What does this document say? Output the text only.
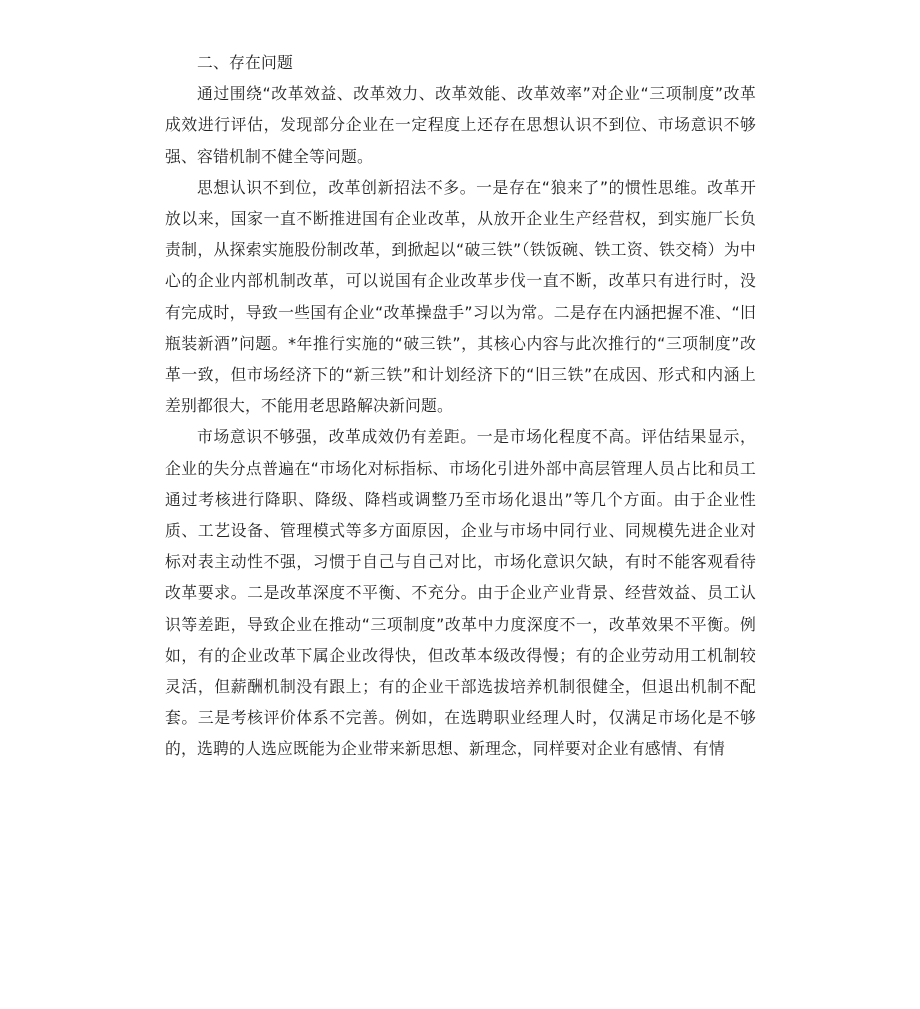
二、存在问题

通过围绕“改革效益、改革效力、改革效能、改革效率”对企业“三项制度”改革成效进行评估，发现部分企业在一定程度上还存在思想认识不到位、市场意识不够强、容错机制不健全等问题。

思想认识不到位，改革创新招法不多。一是存在“狼来了”的惯性思维。改革开放以来，国家一直不断推进国有企业改革，从放开企业生产经营权，到实施厂长负责制，从探索实施股份制改革，到掀起以“破三铁”（铁饭碗、铁工资、铁交椅）为中心的企业内部机制改革，可以说国有企业改革步伐一直不断，改革只有进行时，没有完成时，导致一些国有企业“改革操盘手”习以为常。二是存在内涵把握不准、“旧瓶装新酒”问题。*年推行实施的“破三铁”，其核心内容与此次推行的“三项制度”改革一致，但市场经济下的“新三铁”和计划经济下的“旧三铁”在成因、形式和内涵上差别都很大，不能用老思路解决新问题。

市场意识不够强，改革成效仍有差距。一是市场化程度不高。评估结果显示，企业的失分点普遍在“市场化对标指标、市场化引进外部中高层管理人员占比和员工通过考核进行降职、降级、降档或调整乃至市场化退出”等几个方面。由于企业性质、工艺设备、管理模式等多方面原因，企业与市场中同行业、同规模先进企业对标对表主动性不强，习惯于自己与自己对比，市场化意识欠缺，有时不能客观看待改革要求。二是改革深度不平衡、不充分。由于企业产业背景、经营效益、员工认识等差距，导致企业在推动“三项制度”改革中力度深度不一，改革效果不平衡。例如，有的企业改革下属企业改得快，但改革本级改得慢；有的企业劳动用工机制较灵活，但薪酬机制没有跟上；有的企业干部选拔培养机制很健全，但退出机制不配套。三是考核评价体系不完善。例如，在选聘职业经理人时，仅满足市场化是不够的，选聘的人选应既能为企业带来新思想、新理念，同样要对企业有感情、有情
